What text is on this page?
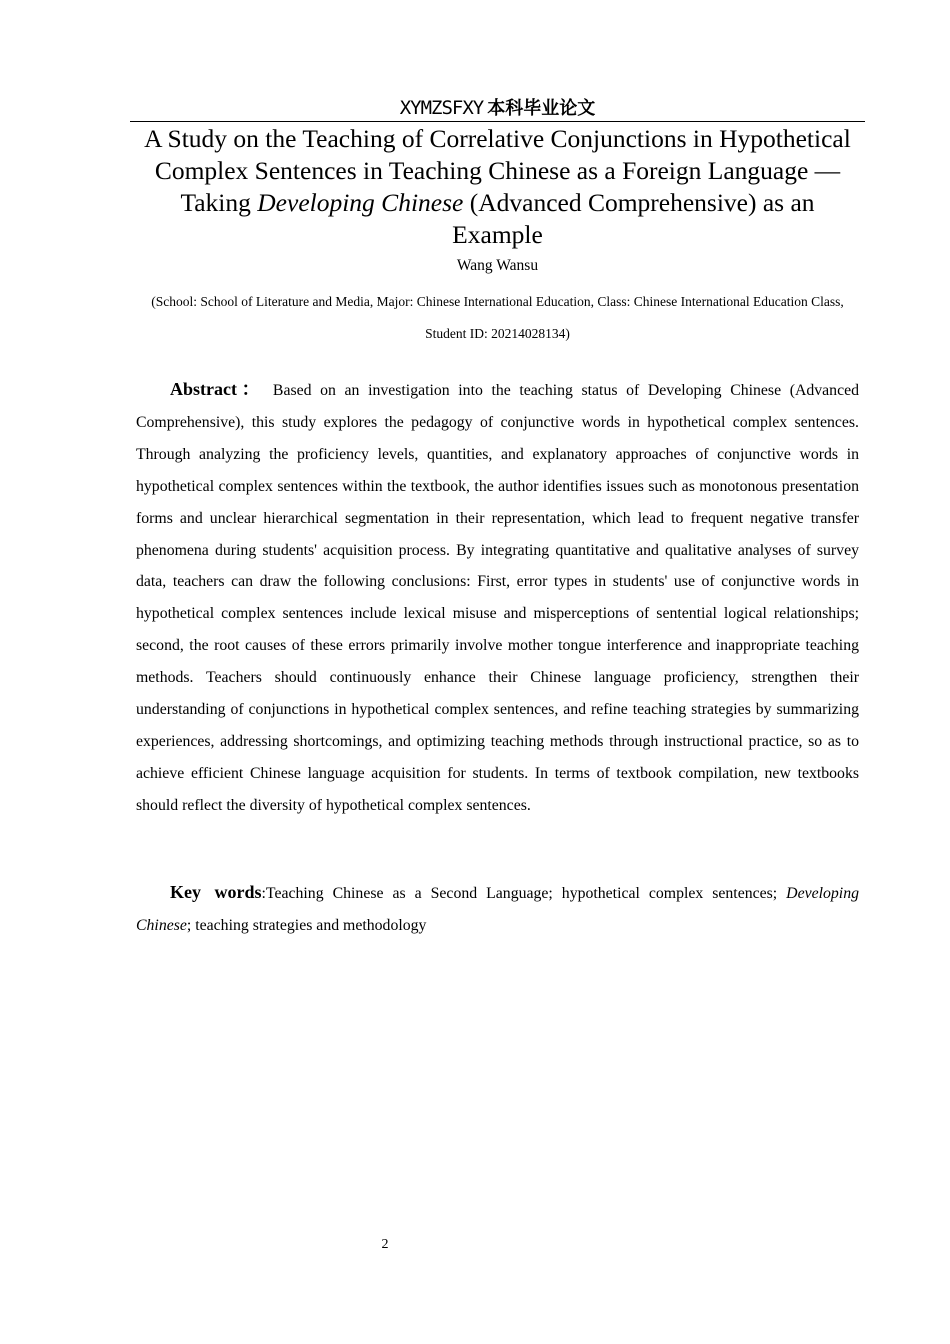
XYMZSFXY 本科毕业论文
A Study on the Teaching of Correlative Conjunctions in Hypothetical Complex Sentences in Teaching Chinese as a Foreign Language — Taking Developing Chinese (Advanced Comprehensive) as an Example
Wang Wansu
(School: School of Literature and Media, Major: Chinese International Education, Class: Chinese International Education Class, Student ID: 20214028134)

Abstract： Based on an investigation into the teaching status of Developing Chinese (Advanced Comprehensive), this study explores the pedagogy of conjunctive words in hypothetical complex sentences. Through analyzing the proficiency levels, quantities, and explanatory approaches of conjunctive words in hypothetical complex sentences within the textbook, the author identifies issues such as monotonous presentation forms and unclear hierarchical segmentation in their representation, which lead to frequent negative transfer phenomena during students' acquisition process. By integrating quantitative and qualitative analyses of survey data, teachers can draw the following conclusions: First, error types in students' use of conjunctive words in hypothetical complex sentences include lexical misuse and misperceptions of sentential logical relationships; second, the root causes of these errors primarily involve mother tongue interference and inappropriate teaching methods. Teachers should continuously enhance their Chinese language proficiency, strengthen their understanding of conjunctions in hypothetical complex sentences, and refine teaching strategies by summarizing experiences, addressing shortcomings, and optimizing teaching methods through instructional practice, so as to achieve efficient Chinese language acquisition for students. In terms of textbook compilation, new textbooks should reflect the diversity of hypothetical complex sentences.

Key words:Teaching Chinese as a Second Language; hypothetical complex sentences; Developing Chinese; teaching strategies and methodology

2
